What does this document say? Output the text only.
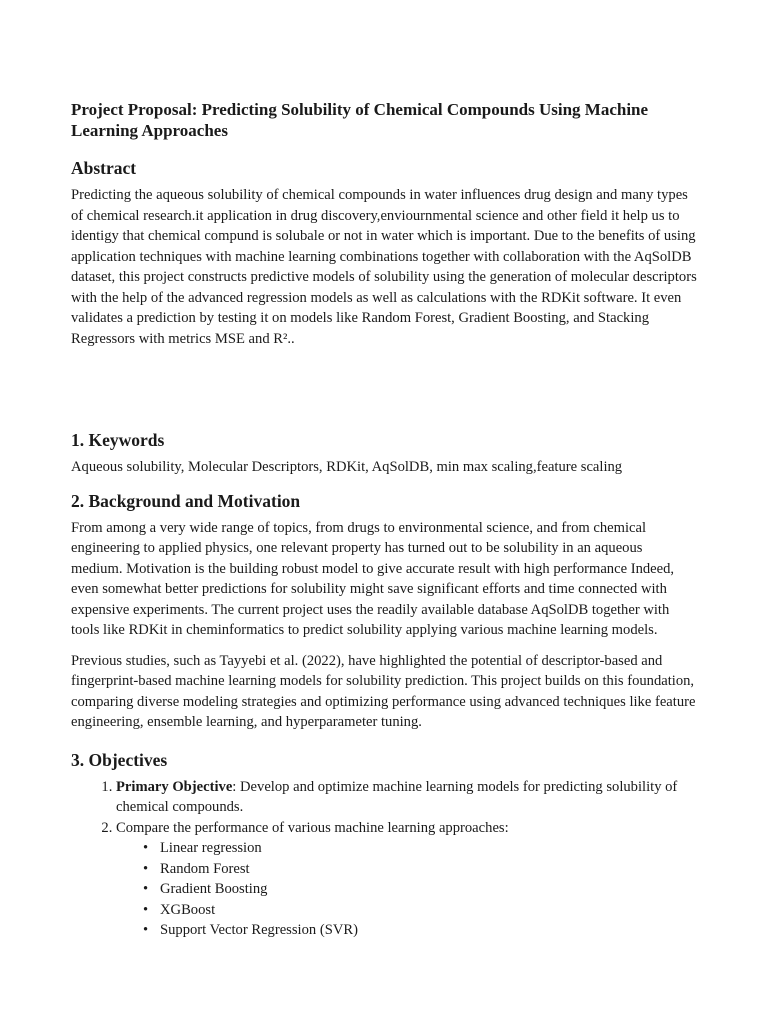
Project Proposal: Predicting Solubility of Chemical Compounds Using Machine Learning Approaches
Abstract

Predicting the aqueous solubility of chemical compounds in water influences drug design and many types of chemical research.it application in drug discovery,enviournmental science and other field it help us to identigy that chemical compund is solubale or not in water which is important. Due to the benefits of using application techniques with machine learning combinations together with collaboration with the AqSolDB dataset, this project constructs predictive models of solubility using the generation of molecular descriptors with the help of the advanced regression models as well as calculations with the RDKit software. It even validates a prediction by testing it on models like Random Forest, Gradient Boosting, and Stacking Regressors with metrics MSE and R²..

1. Keywords

Aqueous solubility, Molecular Descriptors, RDKit, AqSolDB, min max scaling,feature scaling

2. Background and Motivation

From among a very wide range of topics, from drugs to environmental science, and from chemical engineering to applied physics, one relevant property has turned out to be solubility in an aqueous medium. Motivation is the building robust model to give accurate result with high performance Indeed, even somewhat better predictions for solubility might save significant efforts and time connected with expensive experiments. The current project uses the readily available database AqSolDB together with tools like RDKit in cheminformatics to predict solubility applying various machine learning models.

Previous studies, such as Tayyebi et al. (2022), have highlighted the potential of descriptor-based and fingerprint-based machine learning models for solubility prediction. This project builds on this foundation, comparing diverse modeling strategies and optimizing performance using advanced techniques like feature engineering, ensemble learning, and hyperparameter tuning.

3. Objectives
1. Primary Objective: Develop and optimize machine learning models for predicting solubility of chemical compounds.
2. Compare the performance of various machine learning approaches:
• Linear regression
• Random Forest
• Gradient Boosting
• XGBoost
• Support Vector Regression (SVR)
